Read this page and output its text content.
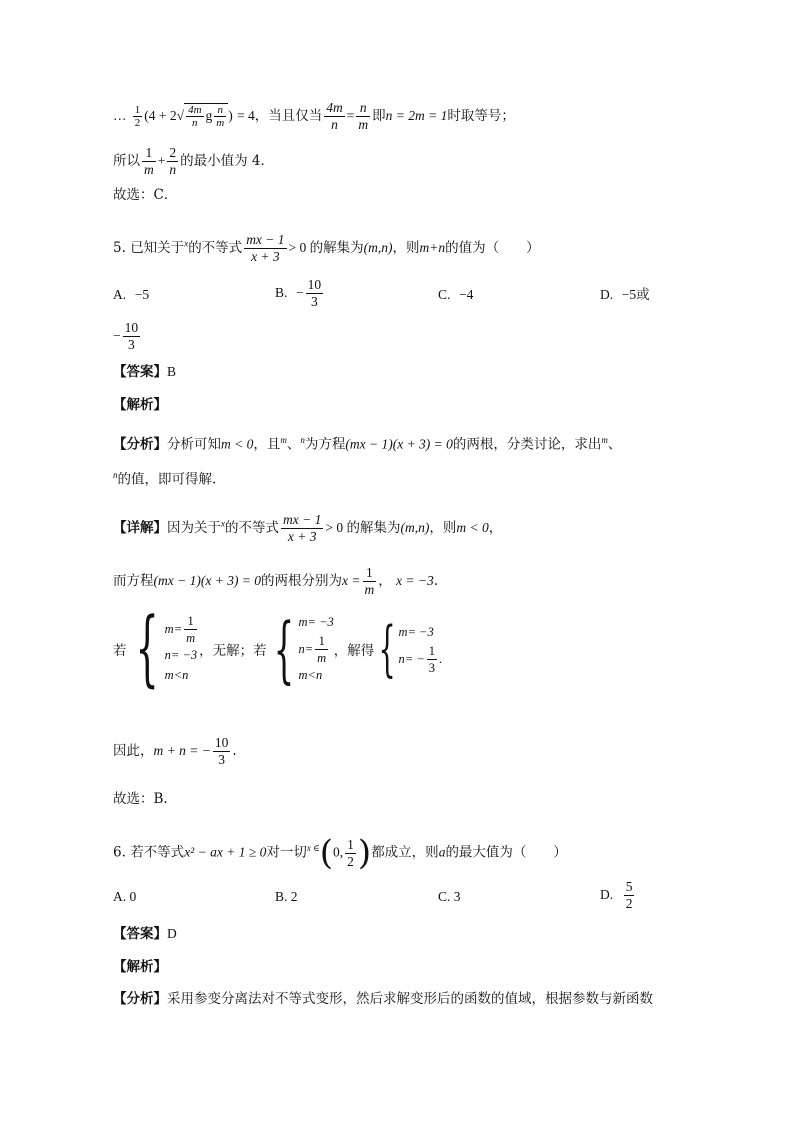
… $\frac{1}{2} (4 + 2√ \frac{4m}{n}$ g $\frac{n}{m}$ ) = 4，当且仅当 $\frac{4m}{n} = \frac{n}{m}$ 即n = 2m = 1时取等号；
所以 $\frac{1}{m} + \frac{2}{n}$ 的最小值为 4．
故选：C．
5. 已知关于$^x$的不等式 $\frac{mx - 1}{x + 3} > 0$ 的解集为(m,n)，则m+n的值为（　　）
A. −5	B. − $\frac{10}{3}$	C. −4	D. −5或
− $\frac{10}{3}$
【答案】B
【解析】
【分析】分析可知m < 0，且$^m$、$^n$为方程(mx − 1)(x + 3) = 0的两根，分类讨论，求出$^m$、
$^n$的值，即可得解.
【详解】因为关于$^x$的不等式 $\frac{mx - 1}{x + 3} > 0$ 的解集为(m,n)，则m < 0，
而方程(mx − 1)(x + 3) = 0的两根分别为$x = \frac{1}{m}$ ， x = −3.
若 { $m= \frac{1}{m}$
n= −3
m<n
，无解；若 { m= −3
$n= \frac{1}{m}$
m<n
，解得 { m= −3
$n= - \frac{1}{3}$ .
因此，m + n = − $\frac{10}{3}$ .
故选：B.
6. 若不等式x² − ax + 1 ≥ 0对一切$^{x \in}$(0, $\frac{1}{2}$ )都成立，则a的最大值为（　　）
A. 0	B. 2	C. 3	D. $\frac{5}{2}$
【答案】D
【解析】
【分析】采用参变分离法对不等式变形，然后求解变形后的函数的值域，根据参数与新函数
